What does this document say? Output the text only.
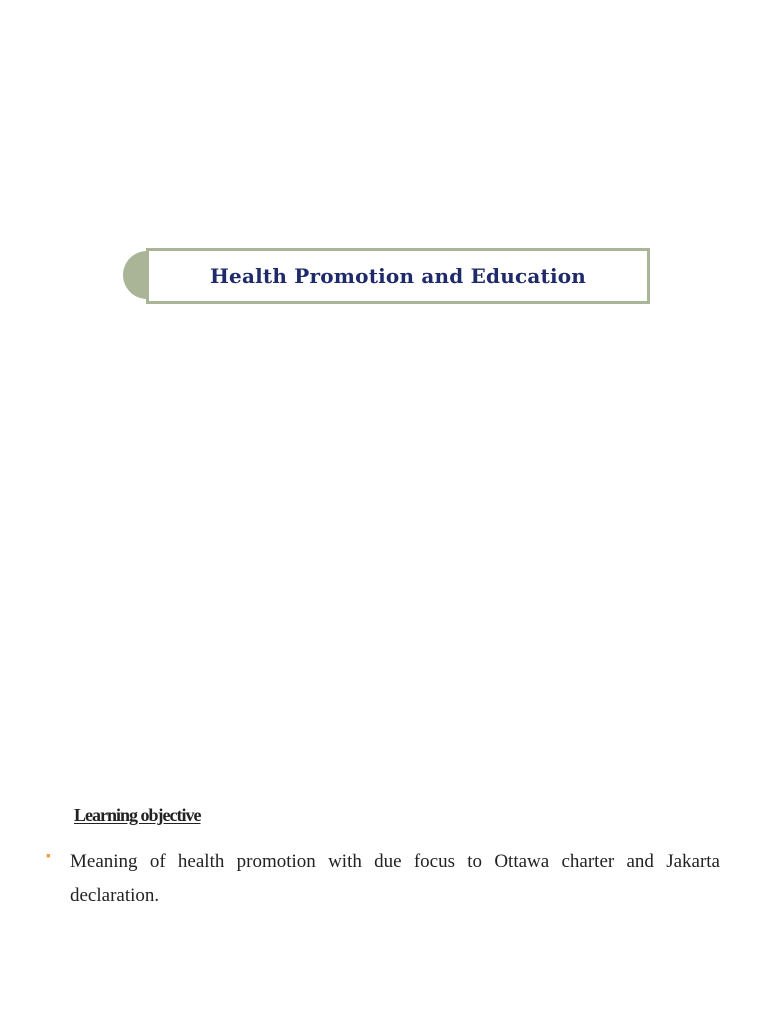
Health Promotion and Education
Learning objective
▪ Meaning of health promotion with due focus to Ottawa charter and Jakarta declaration.
